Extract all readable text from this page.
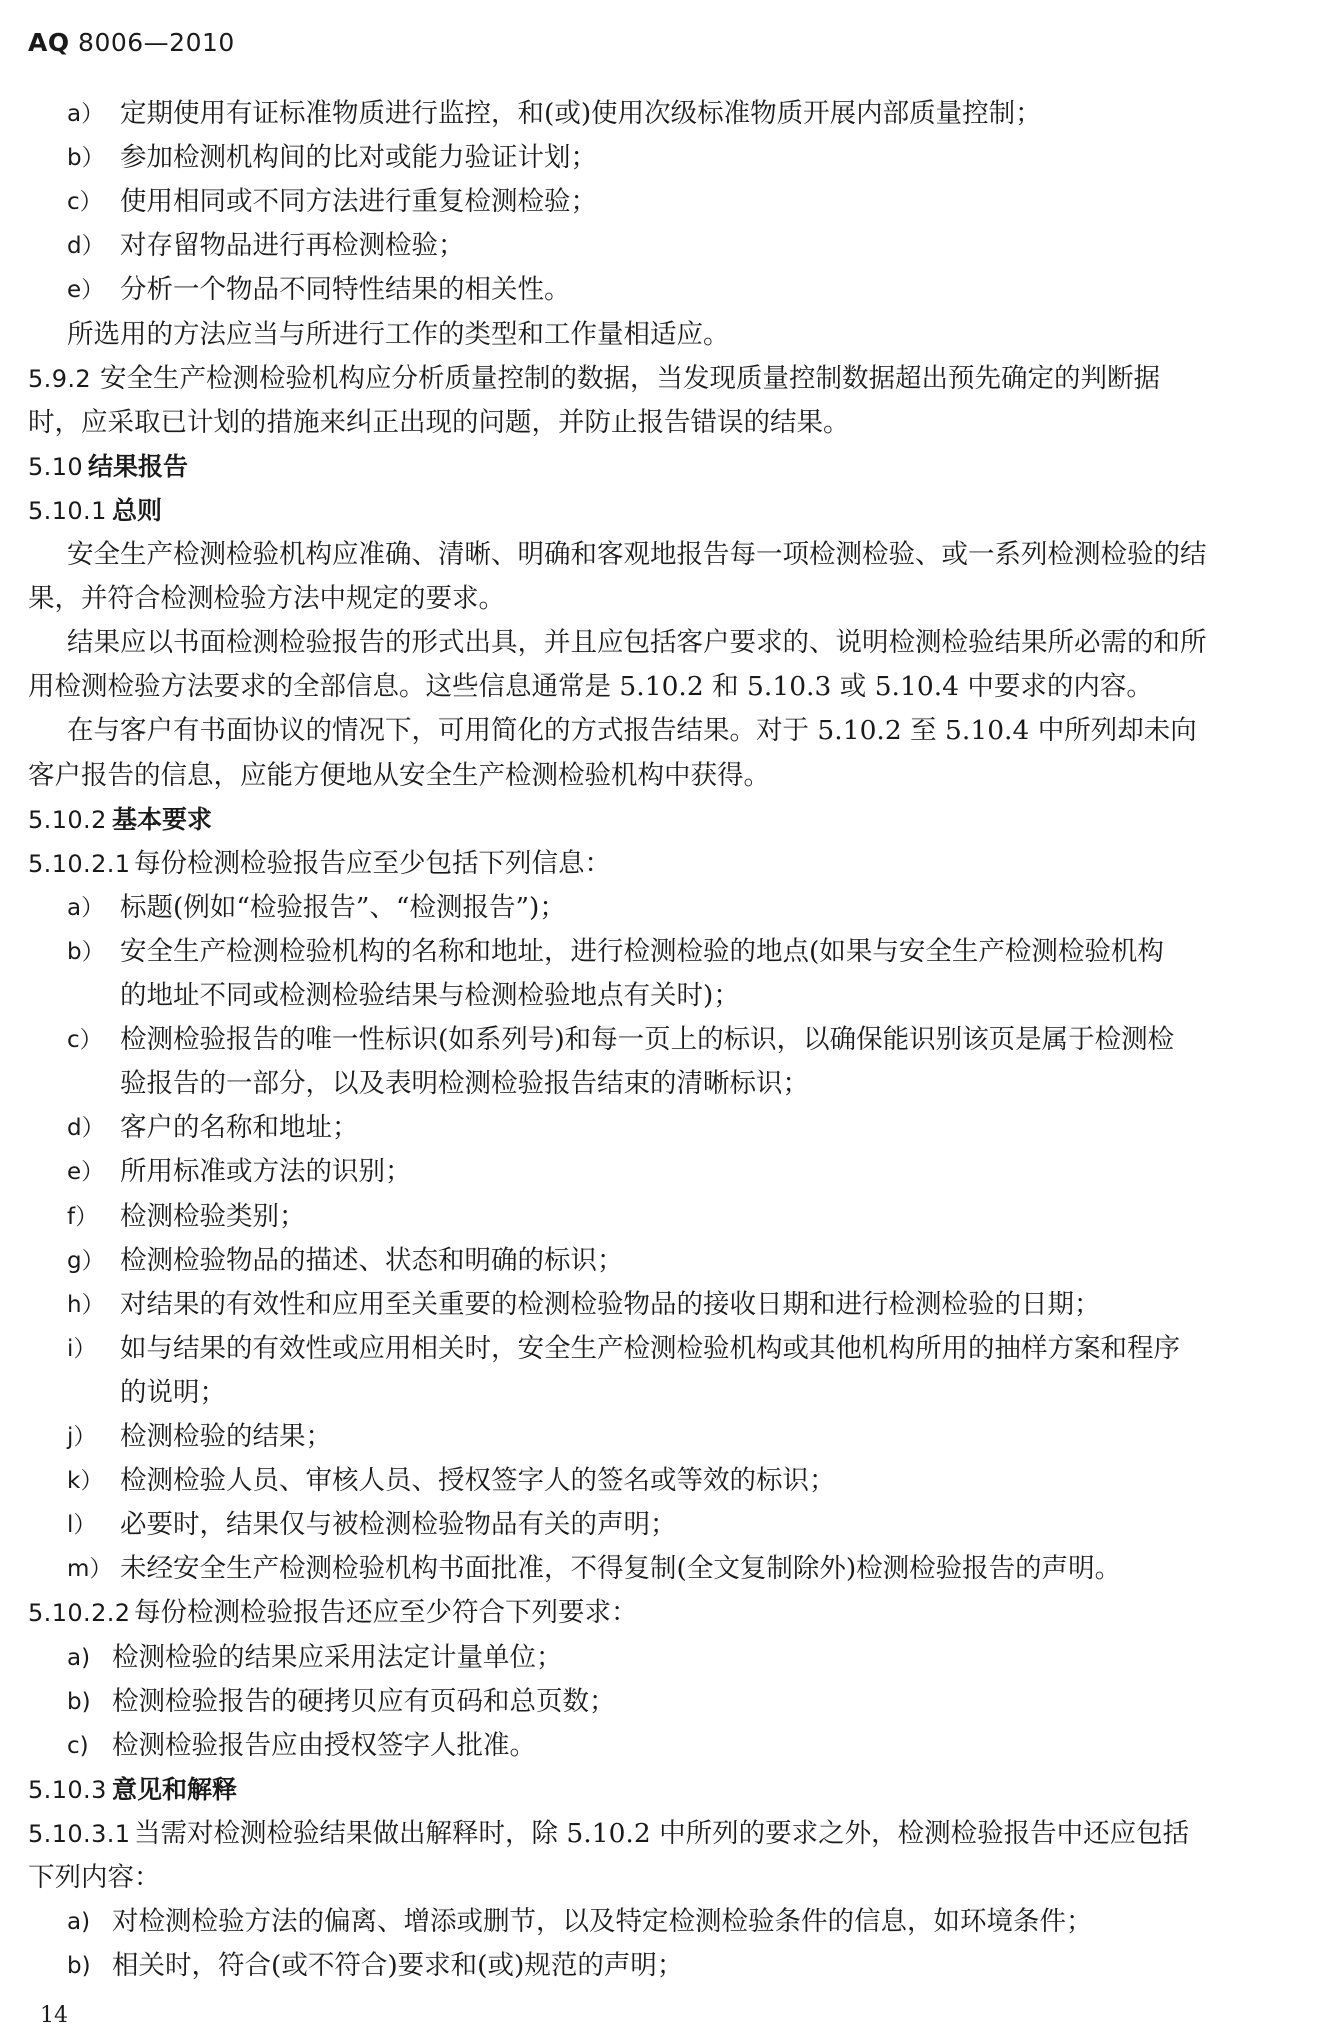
AQ 8006—2010
a） 定期使用有证标准物质进行监控，和(或)使用次级标准物质开展内部质量控制；
b） 参加检测机构间的比对或能力验证计划；
c） 使用相同或不同方法进行重复检测检验；
d） 对存留物品进行再检测检验；
e） 分析一个物品不同特性结果的相关性。
所选用的方法应当与所进行工作的类型和工作量相适应。
5.9.2 安全生产检测检验机构应分析质量控制的数据，当发现质量控制数据超出预先确定的判断据
时，应采取已计划的措施来纠正出现的问题，并防止报告错误的结果。
5.10 结果报告
5.10.1 总则
安全生产检测检验机构应准确、清晰、明确和客观地报告每一项检测检验、或一系列检测检验的结
果，并符合检测检验方法中规定的要求。
结果应以书面检测检验报告的形式出具，并且应包括客户要求的、说明检测检验结果所必需的和所
用检测检验方法要求的全部信息。这些信息通常是 5.10.2 和 5.10.3 或 5.10.4 中要求的内容。
在与客户有书面协议的情况下，可用简化的方式报告结果。对于 5.10.2 至 5.10.4 中所列却未向
客户报告的信息，应能方便地从安全生产检测检验机构中获得。
5.10.2 基本要求
5.10.2.1 每份检测检验报告应至少包括下列信息：
a） 标题(例如“检验报告”、“检测报告”)；
b） 安全生产检测检验机构的名称和地址，进行检测检验的地点(如果与安全生产检测检验机构
的地址不同或检测检验结果与检测检验地点有关时)；
c） 检测检验报告的唯一性标识(如系列号)和每一页上的标识，以确保能识别该页是属于检测检
验报告的一部分，以及表明检测检验报告结束的清晰标识；
d） 客户的名称和地址；
e） 所用标准或方法的识别；
f） 检测检验类别；
g） 检测检验物品的描述、状态和明确的标识；
h） 对结果的有效性和应用至关重要的检测检验物品的接收日期和进行检测检验的日期；
i） 如与结果的有效性或应用相关时，安全生产检测检验机构或其他机构所用的抽样方案和程序
的说明；
j） 检测检验的结果；
k） 检测检验人员、审核人员、授权签字人的签名或等效的标识；
l） 必要时，结果仅与被检测检验物品有关的声明；
m） 未经安全生产检测检验机构书面批准，不得复制(全文复制除外)检测检验报告的声明。
5.10.2.2 每份检测检验报告还应至少符合下列要求：
a) 检测检验的结果应采用法定计量单位；
b) 检测检验报告的硬拷贝应有页码和总页数；
c) 检测检验报告应由授权签字人批准。
5.10.3 意见和解释
5.10.3.1 当需对检测检验结果做出解释时，除 5.10.2 中所列的要求之外，检测检验报告中还应包括
下列内容：
a) 对检测检验方法的偏离、增添或删节，以及特定检测检验条件的信息，如环境条件；
b) 相关时，符合(或不符合)要求和(或)规范的声明；
14
